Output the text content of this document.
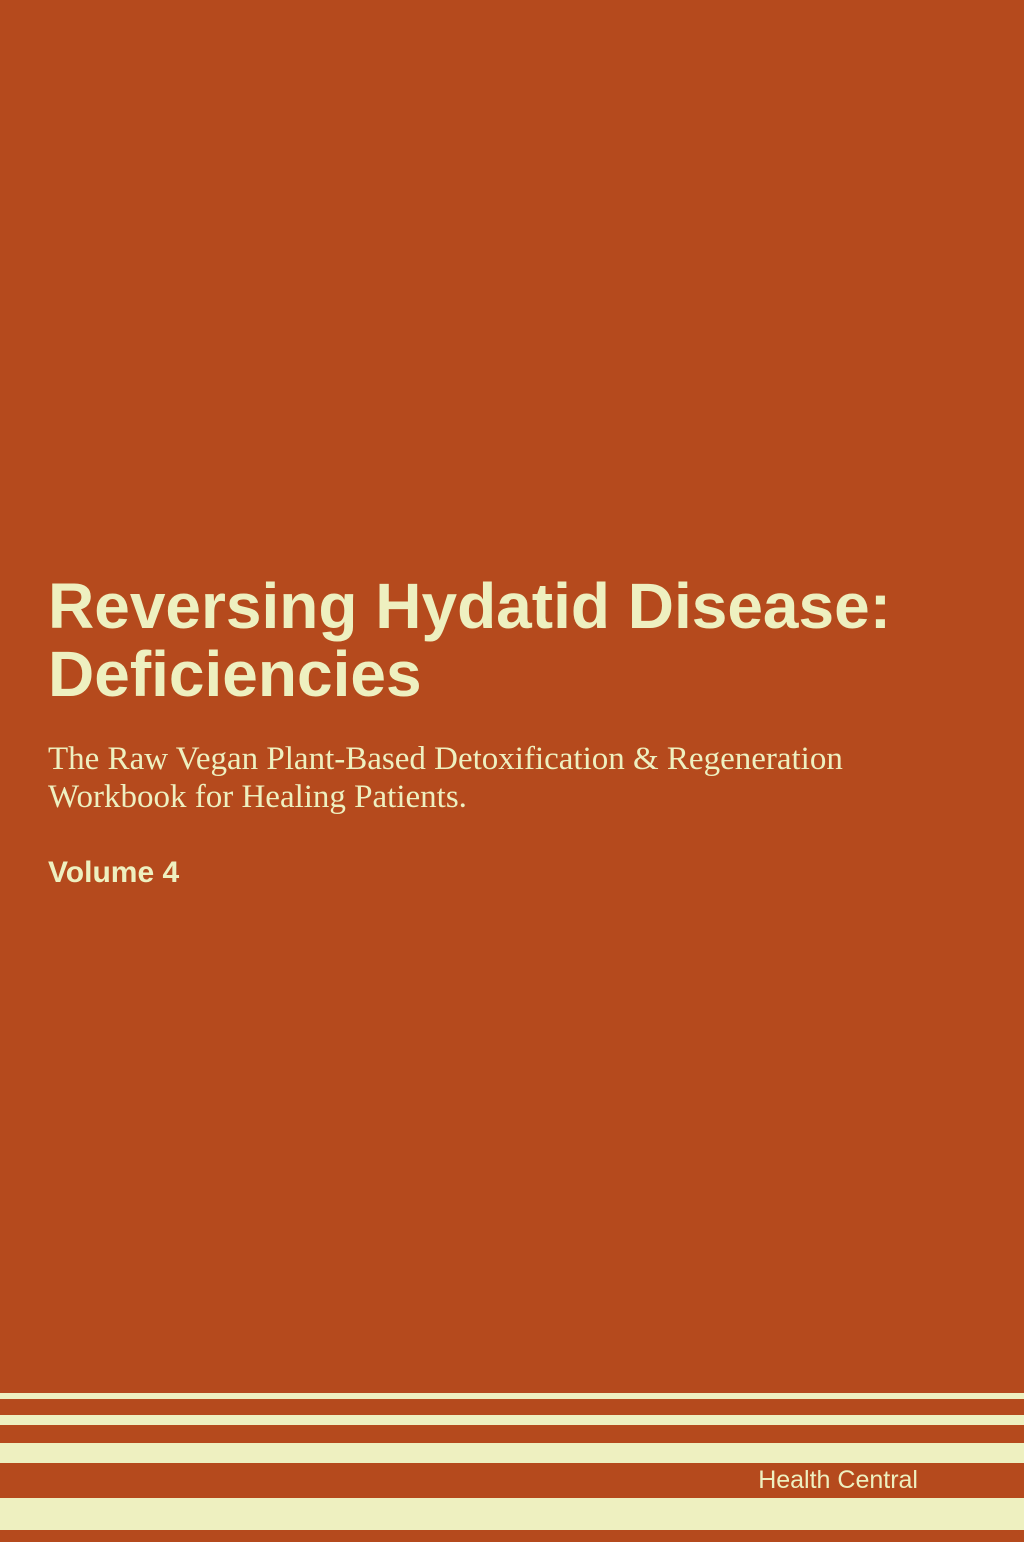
Reversing Hydatid Disease:
Deficiencies

The Raw Vegan Plant-Based Detoxification & Regeneration
Workbook for Healing Patients.

Volume 4

Health Central
